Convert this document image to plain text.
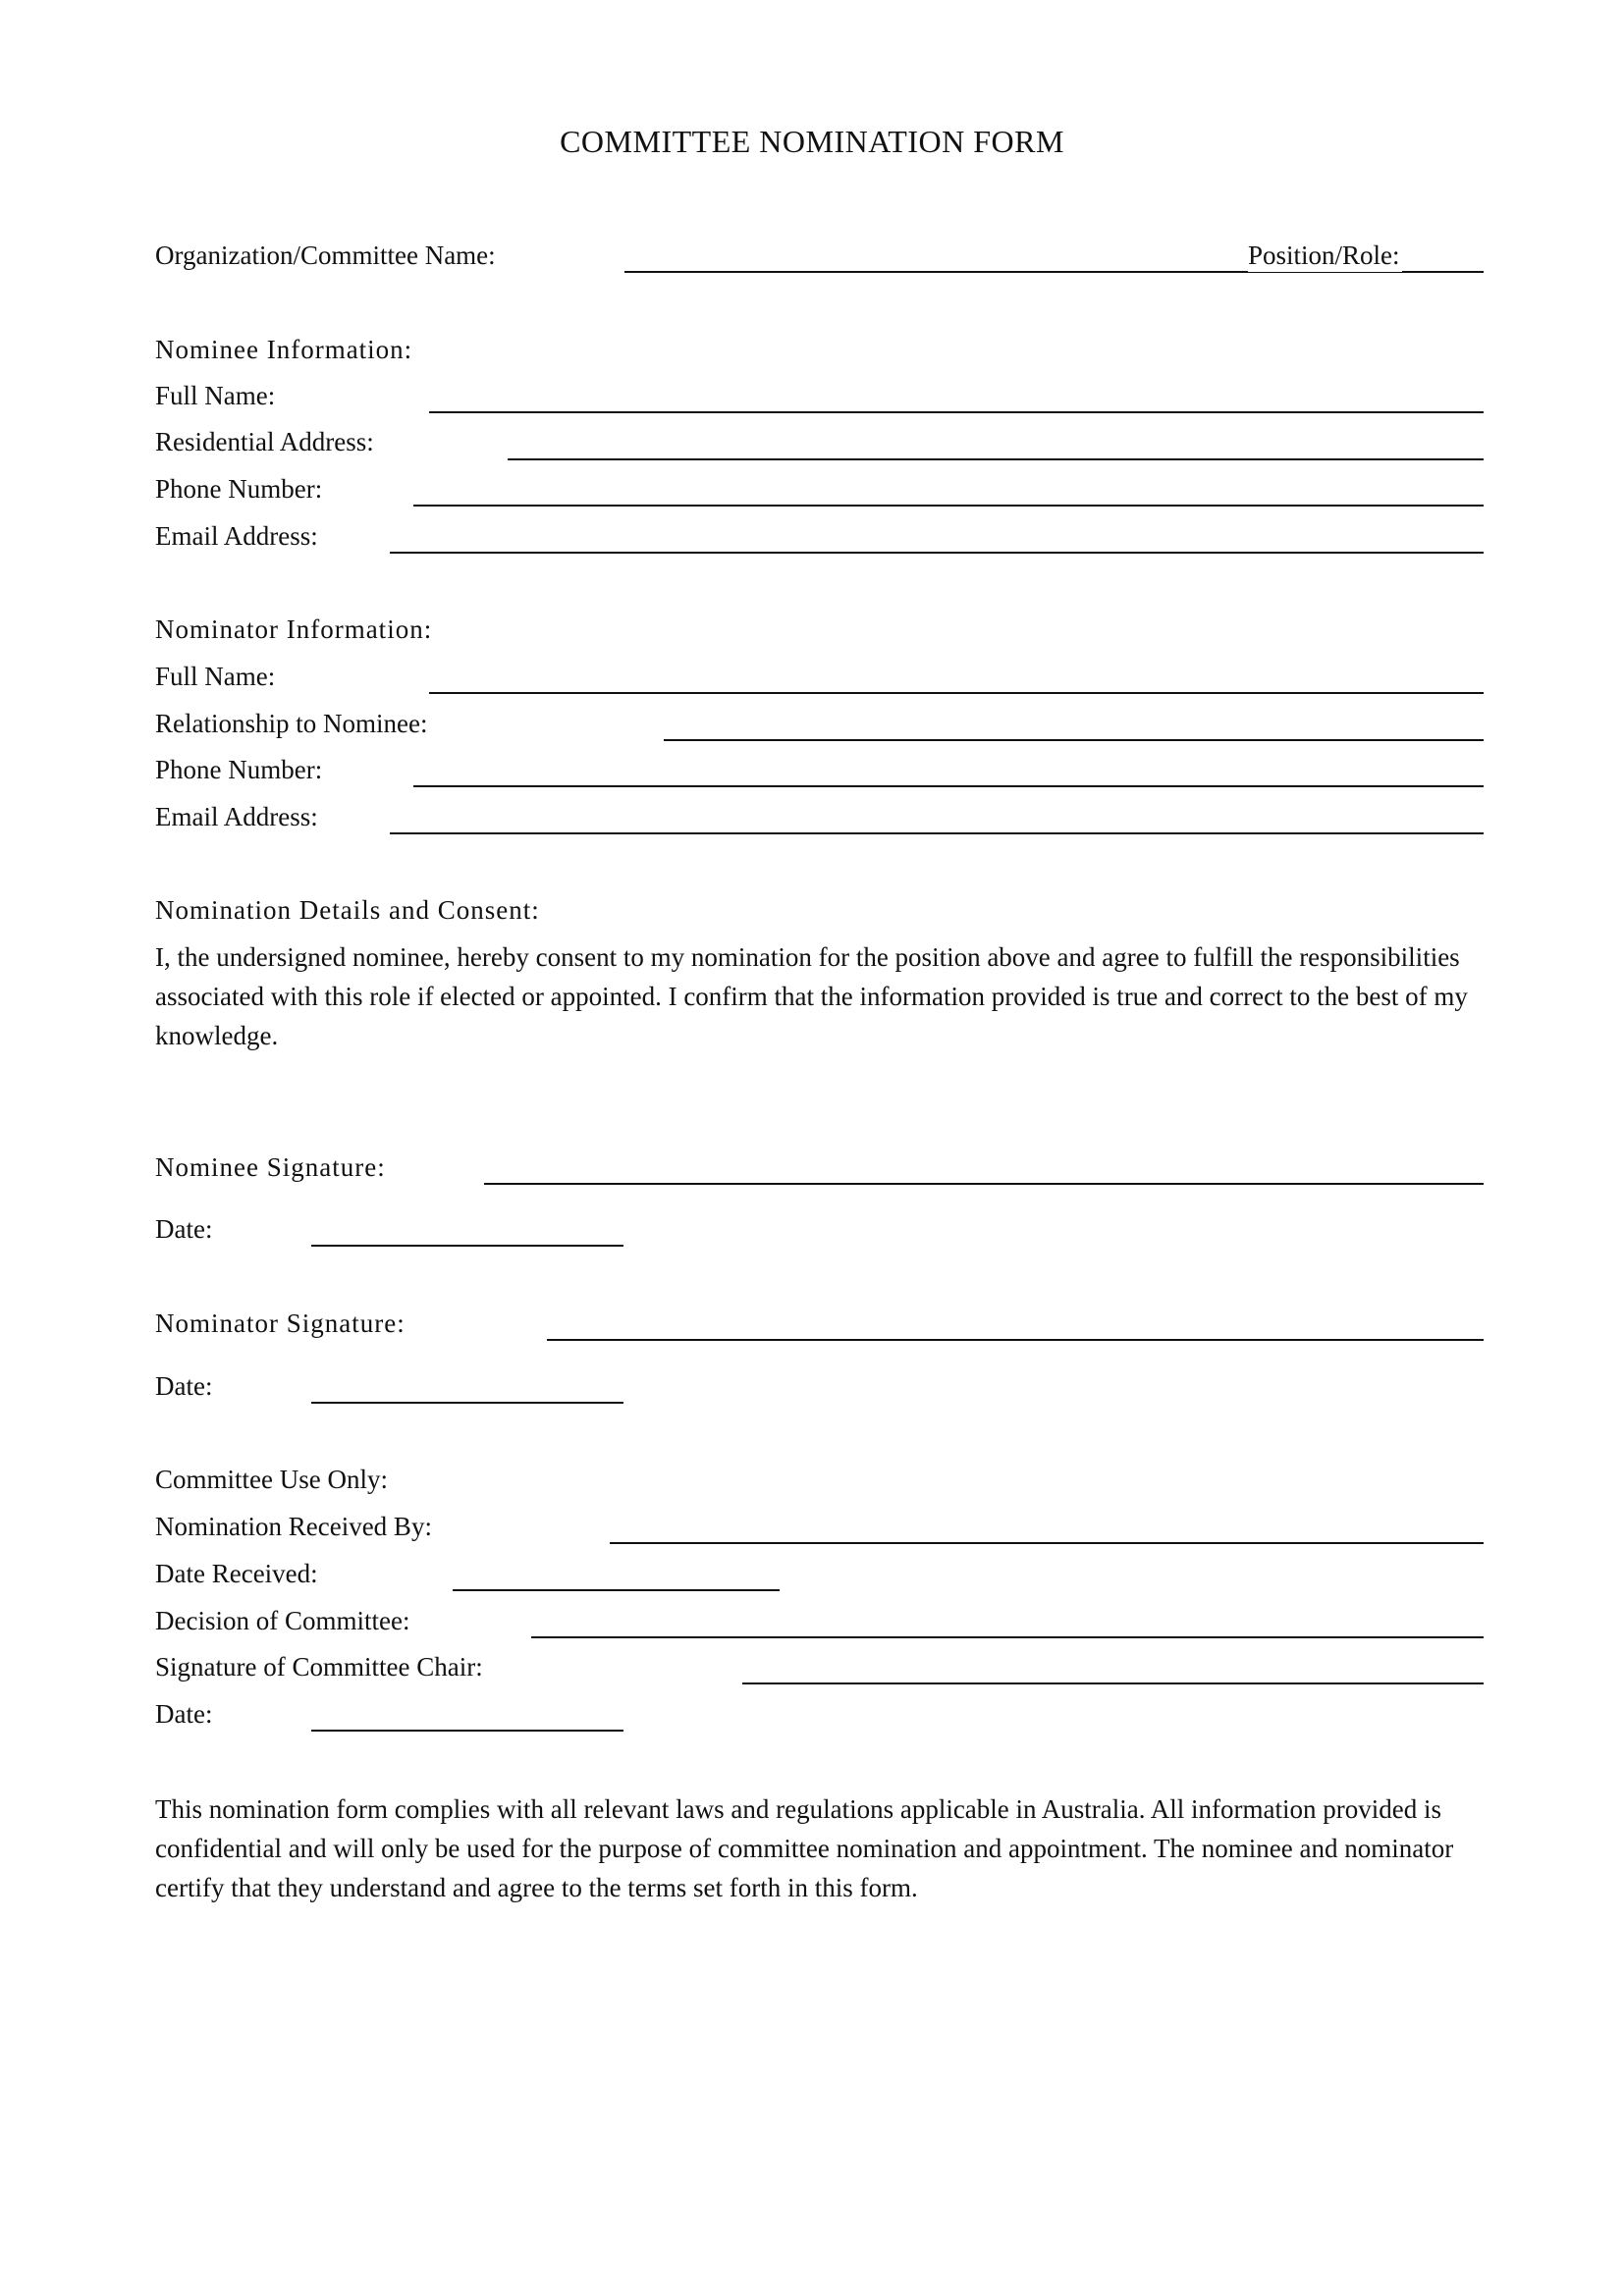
COMMITTEE NOMINATION FORM
Organization/Committee Name:	Position/Role:
Nominee Information:
Full Name:
Residential Address:
Phone Number:
Email Address:
Nominator Information:
Full Name:
Relationship to Nominee:
Phone Number:
Email Address:
Nomination Details and Consent:
I, the undersigned nominee, hereby consent to my nomination for the position above and agree to fulfill the responsibilities associated with this role if elected or appointed. I confirm that the information provided is true and correct to the best of my knowledge.
Nominee Signature:
Date:
Nominator Signature:
Date:
Committee Use Only:
Nomination Received By:
Date Received:
Decision of Committee:
Signature of Committee Chair:
Date:
This nomination form complies with all relevant laws and regulations applicable in Australia. All information provided is confidential and will only be used for the purpose of committee nomination and appointment. The nominee and nominator certify that they understand and agree to the terms set forth in this form.
